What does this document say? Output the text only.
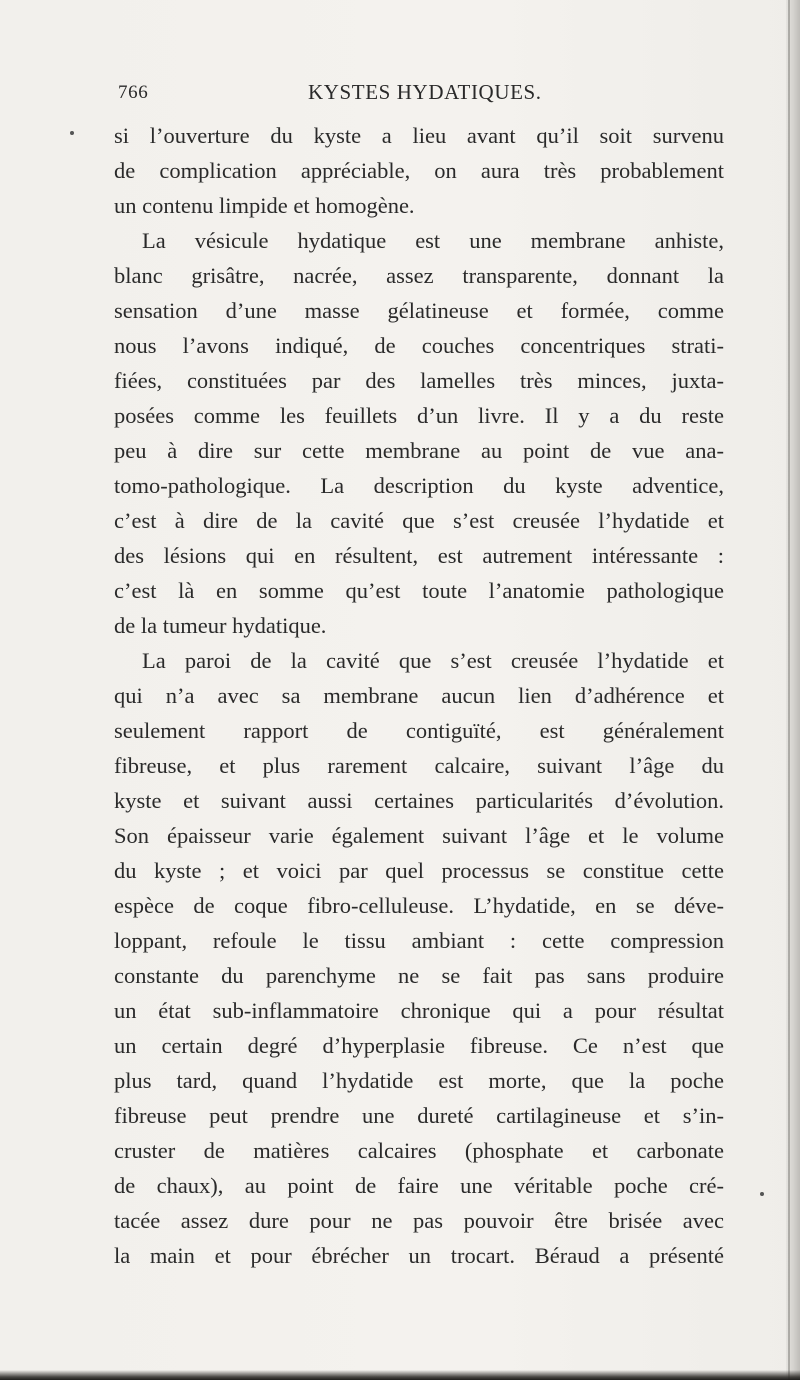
766	KYSTES HYDATIQUES.
si l’ouverture du kyste a lieu avant qu’il soit survenu
de complication appréciable, on aura très probablement
un contenu limpide et homogène.
La vésicule hydatique est une membrane anhiste,
blanc grisâtre, nacrée, assez transparente, donnant la
sensation d’une masse gélatineuse et formée, comme
nous l’avons indiqué, de couches concentriques strati-
fiées, constituées par des lamelles très minces, juxta-
posées comme les feuillets d’un livre. Il y a du reste
peu à dire sur cette membrane au point de vue ana-
tomo-pathologique. La description du kyste adventice,
c’est à dire de la cavité que s’est creusée l’hydatide et
des lésions qui en résultent, est autrement intéressante :
c’est là en somme qu’est toute l’anatomie pathologique
de la tumeur hydatique.
La paroi de la cavité que s’est creusée l’hydatide et
qui n’a avec sa membrane aucun lien d’adhérence et
seulement rapport de contiguïté, est généralement
fibreuse, et plus rarement calcaire, suivant l’âge du
kyste et suivant aussi certaines particularités d’évolution.
Son épaisseur varie également suivant l’âge et le volume
du kyste ; et voici par quel processus se constitue cette
espèce de coque fibro-celluleuse. L’hydatide, en se déve-
loppant, refoule le tissu ambiant : cette compression
constante du parenchyme ne se fait pas sans produire
un état sub-inflammatoire chronique qui a pour résultat
un certain degré d’hyperplasie fibreuse. Ce n’est que
plus tard, quand l’hydatide est morte, que la poche
fibreuse peut prendre une dureté cartilagineuse et s’in-
cruster de matières calcaires (phosphate et carbonate
de chaux), au point de faire une véritable poche cré-
tacée assez dure pour ne pas pouvoir être brisée avec
la main et pour ébrécher un trocart. Béraud a présenté
